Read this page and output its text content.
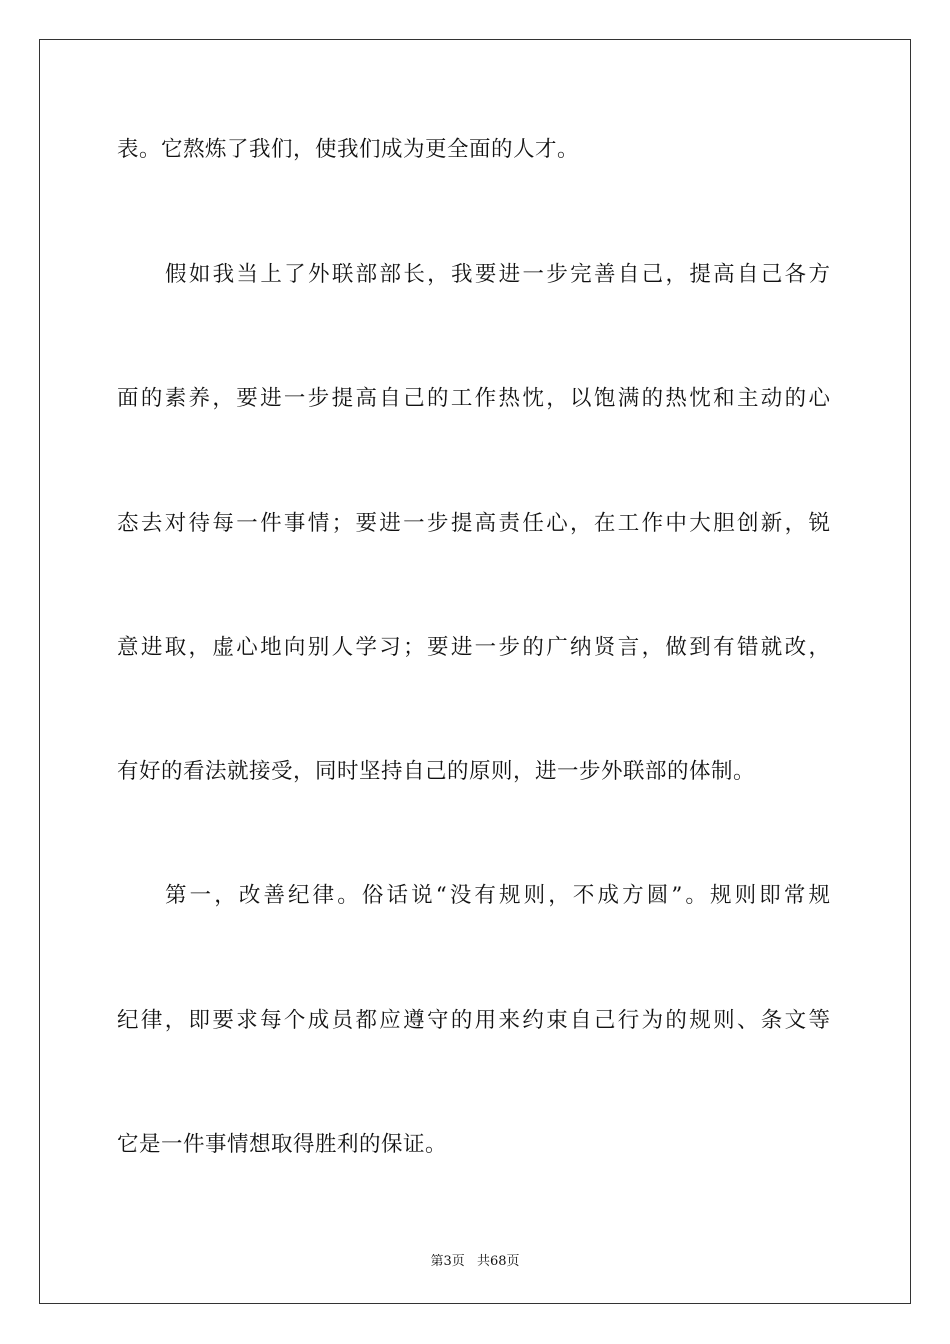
表。它熬炼了我们，使我们成为更全面的人才。
假如我当上了外联部部长，我要进一步完善自己，提高自己各方
面的素养，要进一步提高自己的工作热忱，以饱满的热忱和主动的心
态去对待每一件事情；要进一步提高责任心，在工作中大胆创新，锐
意进取，虚心地向别人学习；要进一步的广纳贤言，做到有错就改，
有好的看法就接受，同时坚持自己的原则，进一步外联部的体制。
第一，改善纪律。俗话说“没有规则，不成方圆”。规则即常规
纪律，即要求每个成员都应遵守的用来约束自己行为的规则、条文等
它是一件事情想取得胜利的保证。
第3页 共68页
